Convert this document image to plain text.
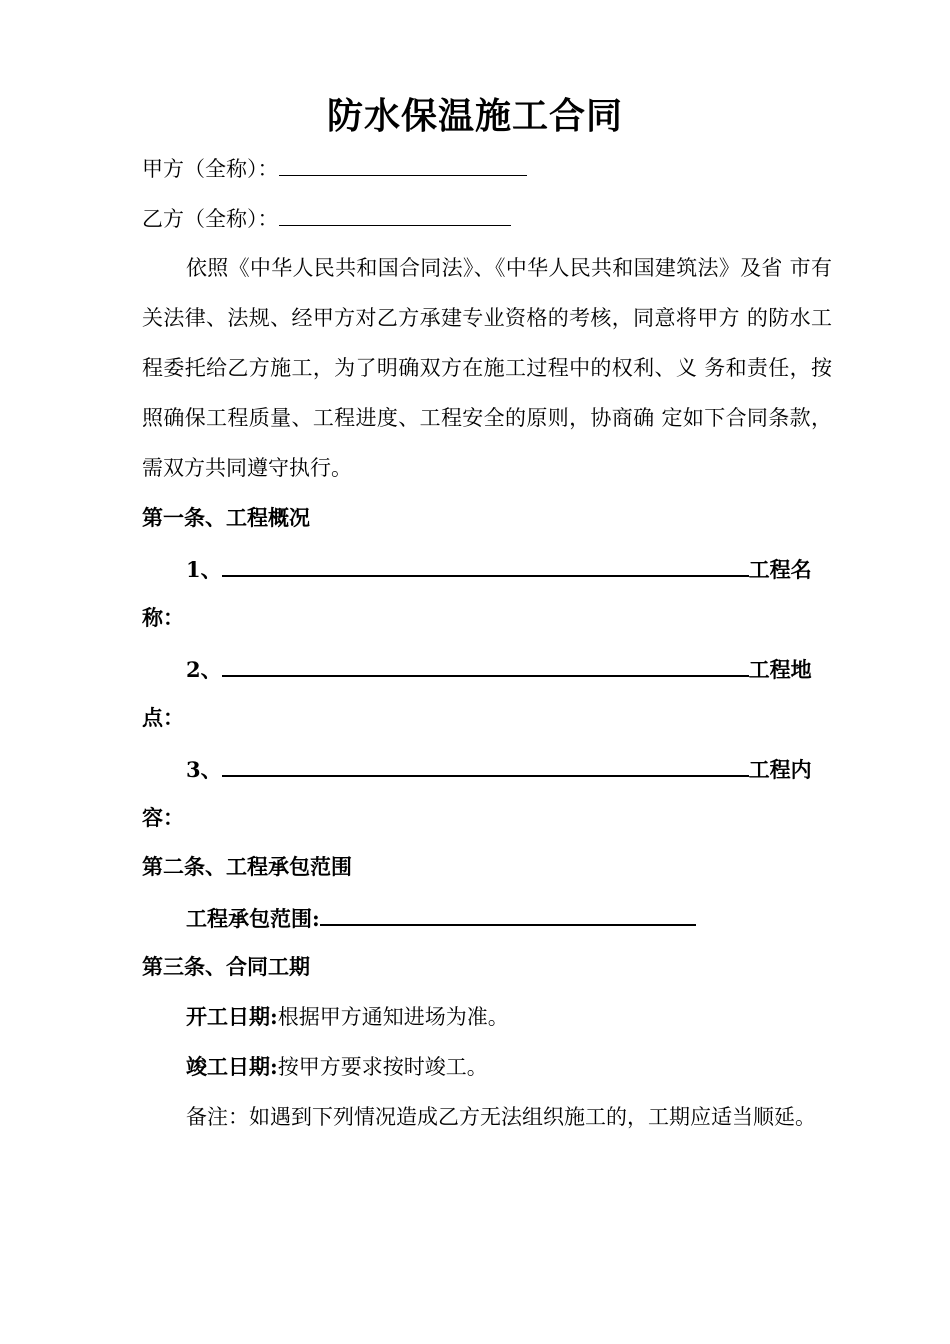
防水保温施工合同
甲方（全称）：
乙方（全称）：
依照《中华人民共和国合同法》、《中华人民共和国建筑法》及省 市有关法律、法规、经甲方对乙方承建专业资格的考核，同意将甲方 的防水工程委托给乙方施工，为了明确双方在施工过程中的权利、义 务和责任，按照确保工程质量、工程进度、工程安全的原则，协商确 定如下合同条款，需双方共同遵守执行。
第一条、工程概况
1、	工程名
称：
2、	工程地
点：
3、	工程内
容：
第二条、工程承包范围
工程承包范围:
第三条、合同工期
开工日期:根据甲方通知进场为准。
竣工日期:按甲方要求按时竣工。
备注：如遇到下列情况造成乙方无法组织施工的，工期应适当顺延。
